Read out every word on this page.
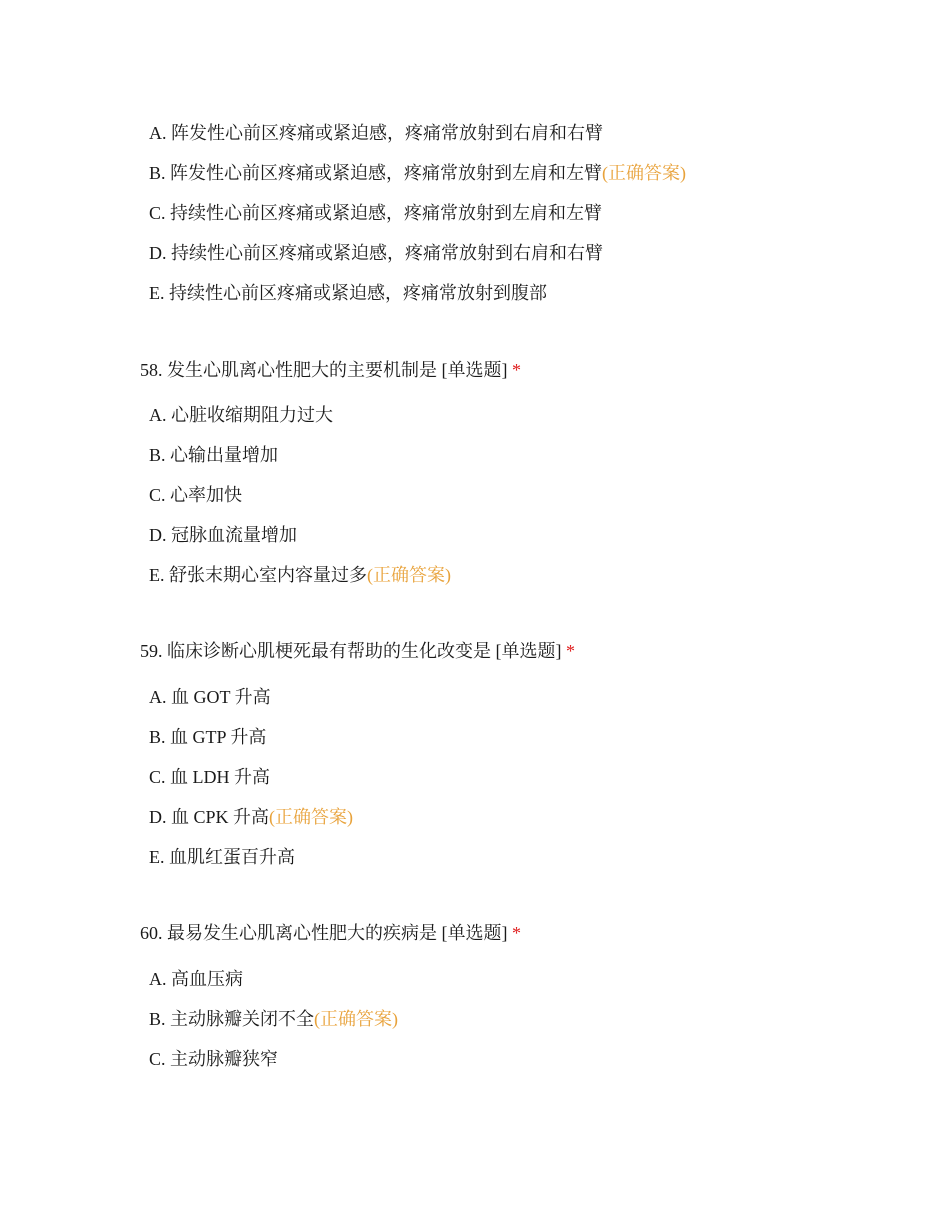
A. 阵发性心前区疼痛或紧迫感，疼痛常放射到右肩和右臂
B. 阵发性心前区疼痛或紧迫感，疼痛常放射到左肩和左臂(正确答案)
C. 持续性心前区疼痛或紧迫感，疼痛常放射到左肩和左臂
D. 持续性心前区疼痛或紧迫感，疼痛常放射到右肩和右臂
E. 持续性心前区疼痛或紧迫感，疼痛常放射到腹部
58. 发生心肌离心性肥大的主要机制是 [单选题] *
A. 心脏收缩期阻力过大
B. 心输出量增加
C. 心率加快
D. 冠脉血流量增加
E. 舒张末期心室内容量过多(正确答案)
59. 临床诊断心肌梗死最有帮助的生化改变是 [单选题] *
A. 血 GOT 升高
B. 血 GTP 升高
C. 血 LDH 升高
D. 血 CPK 升高(正确答案)
E. 血肌红蛋百升高
60. 最易发生心肌离心性肥大的疾病是 [单选题] *
A. 高血压病
B. 主动脉瓣关闭不全(正确答案)
C. 主动脉瓣狭窄
